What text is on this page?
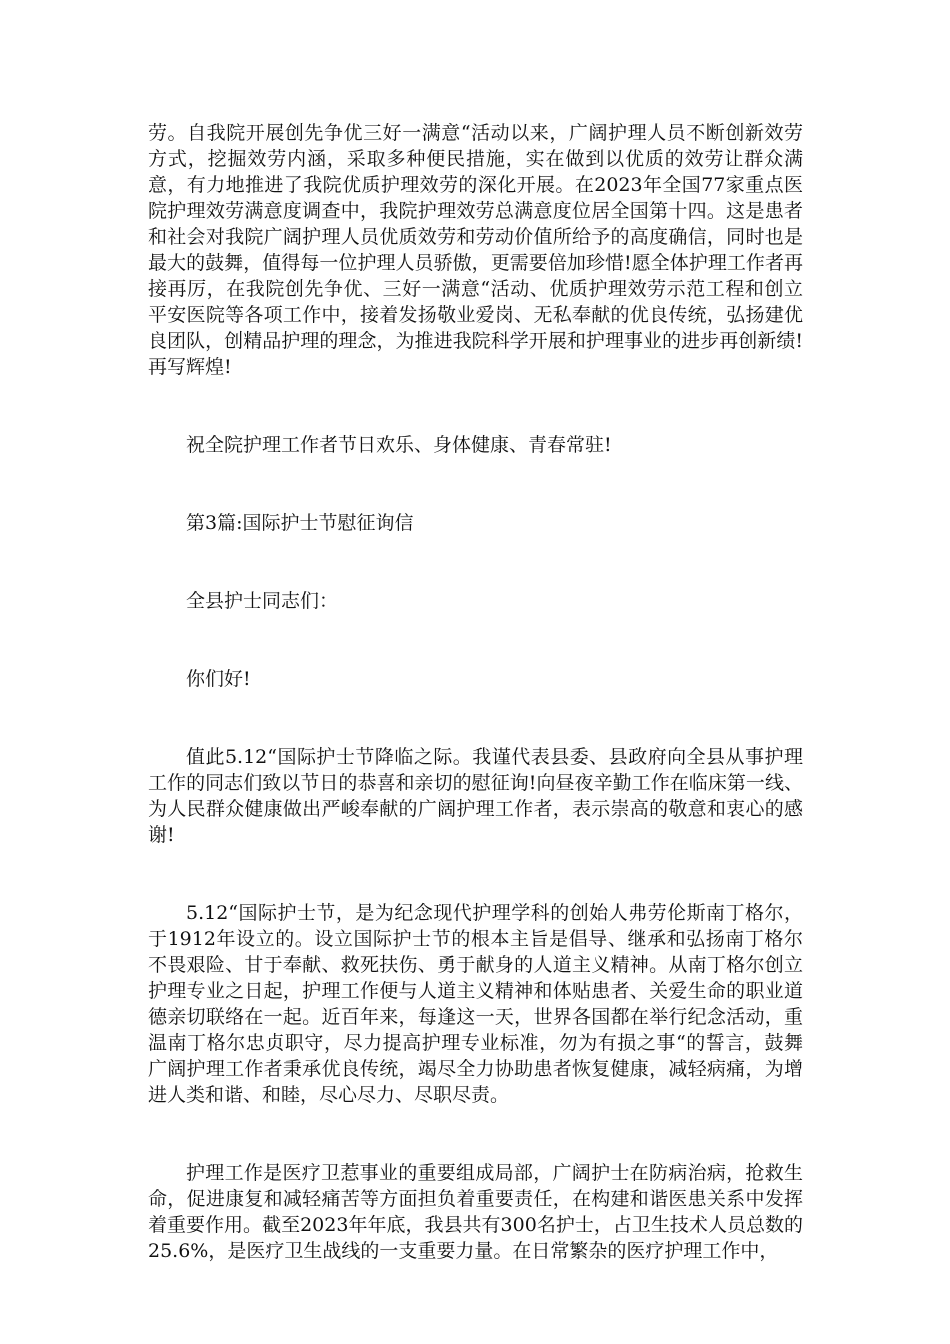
劳。自我院开展创先争优三好一满意“活动以来，广阔护理人员不断创新效劳方式，挖掘效劳内涵，采取多种便民措施，实在做到以优质的效劳让群众满意，有力地推进了我院优质护理效劳的深化开展。在2023年全国77家重点医院护理效劳满意度调查中，我院护理效劳总满意度位居全国第十四。这是患者和社会对我院广阔护理人员优质效劳和劳动价值所给予的高度确信，同时也是最大的鼓舞，值得每一位护理人员骄傲，更需要倍加珍惜!愿全体护理工作者再接再厉，在我院创先争优、三好一满意“活动、优质护理效劳示范工程和创立平安医院等各项工作中，接着发扬敬业爱岗、无私奉献的优良传统，弘扬建优良团队，创精品护理的理念，为推进我院科学开展和护理事业的进步再创新绩!再写辉煌!

祝全院护理工作者节日欢乐、身体健康、青春常驻!

第3篇:国际护士节慰征询信

全县护士同志们：

你们好!

值此5.12“国际护士节降临之际。我谨代表县委、县政府向全县从事护理工作的同志们致以节日的恭喜和亲切的慰征询!向昼夜辛勤工作在临床第一线、为人民群众健康做出严峻奉献的广阔护理工作者，表示崇高的敬意和衷心的感谢!

5.12“国际护士节，是为纪念现代护理学科的创始人弗劳伦斯南丁格尔，于1912年设立的。设立国际护士节的根本主旨是倡导、继承和弘扬南丁格尔不畏艰险、甘于奉献、救死扶伤、勇于献身的人道主义精神。从南丁格尔创立护理专业之日起，护理工作便与人道主义精神和体贴患者、关爱生命的职业道德亲切联络在一起。近百年来，每逢这一天，世界各国都在举行纪念活动，重温南丁格尔忠贞职守，尽力提高护理专业标准，勿为有损之事“的誓言，鼓舞广阔护理工作者秉承优良传统，竭尽全力协助患者恢复健康，减轻病痛，为增进人类和谐、和睦，尽心尽力、尽职尽责。

护理工作是医疗卫惹事业的重要组成局部，广阔护士在防病治病，抢救生命，促进康复和减轻痛苦等方面担负着重要责任，在构建和谐医患关系中发挥着重要作用。截至2023年年底，我县共有300名护士，占卫生技术人员总数的25.6%，是医疗卫生战线的一支重要力量。在日常繁杂的医疗护理工作中，
